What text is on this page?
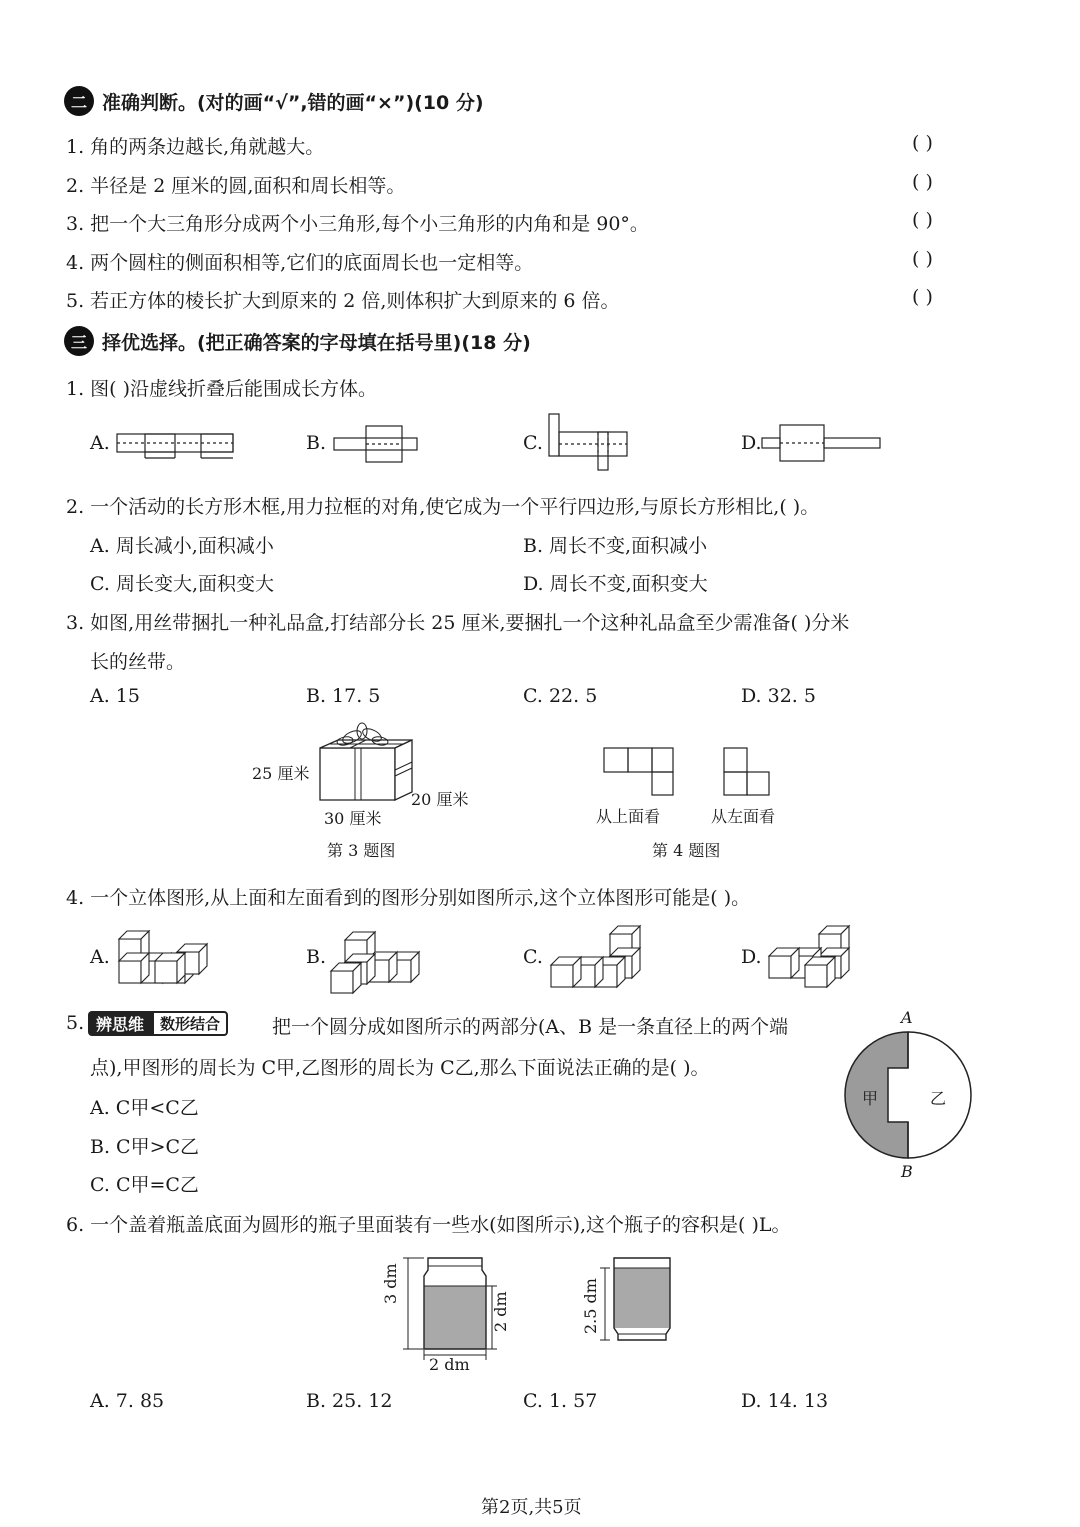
二 准确判断。(对的画“√”,错的画“×”)(10 分)
1. 角的两条边越长,角就越大。	( )
2. 半径是 2 厘米的圆,面积和周长相等。	( )
3. 把一个大三角形分成两个小三角形,每个小三角形的内角和是 90°。	( )
4. 两个圆柱的侧面积相等,它们的底面周长也一定相等。	( )
5. 若正方体的棱长扩大到原来的 2 倍,则体积扩大到原来的 6 倍。	( )
三 择优选择。(把正确答案的字母填在括号里)(18 分)
1. 图( )沿虚线折叠后能围成长方体。
A.	B.	C.	D.
2. 一个活动的长方形木框,用力拉框的对角,使它成为一个平行四边形,与原长方形相比,( )。
A. 周长减小,面积减小	B. 周长不变,面积减小
C. 周长变大,面积变大	D. 周长不变,面积变大
3. 如图,用丝带捆扎一种礼品盒,打结部分长 25 厘米,要捆扎一个这种礼品盒至少需准备( )分米
长的丝带。
A. 15	B. 17. 5	C. 22. 5	D. 32. 5
25 厘米
30 厘米
20 厘米
第 3 题图
从上面看	从左面看
第 4 题图
4. 一个立体图形,从上面和左面看到的图形分别如图所示,这个立体图形可能是( )。
A.	B.	C.	D.
5. 辨思维	数形结合	把一个圆分成如图所示的两部分(A、B 是一条直径上的两个端
点),甲图形的周长为 C甲,乙图形的周长为 C乙,那么下面说法正确的是( )。
A. C甲<C乙
B. C甲>C乙
C. C甲=C乙
A
B
甲	乙
6. 一个盖着瓶盖底面为圆形的瓶子里面装有一些水(如图所示),这个瓶子的容积是( )L。
3 dm
2 dm
2 dm
2.5 dm
A. 7. 85	B. 25. 12	C. 1. 57	D. 14. 13
第2页,共5页
